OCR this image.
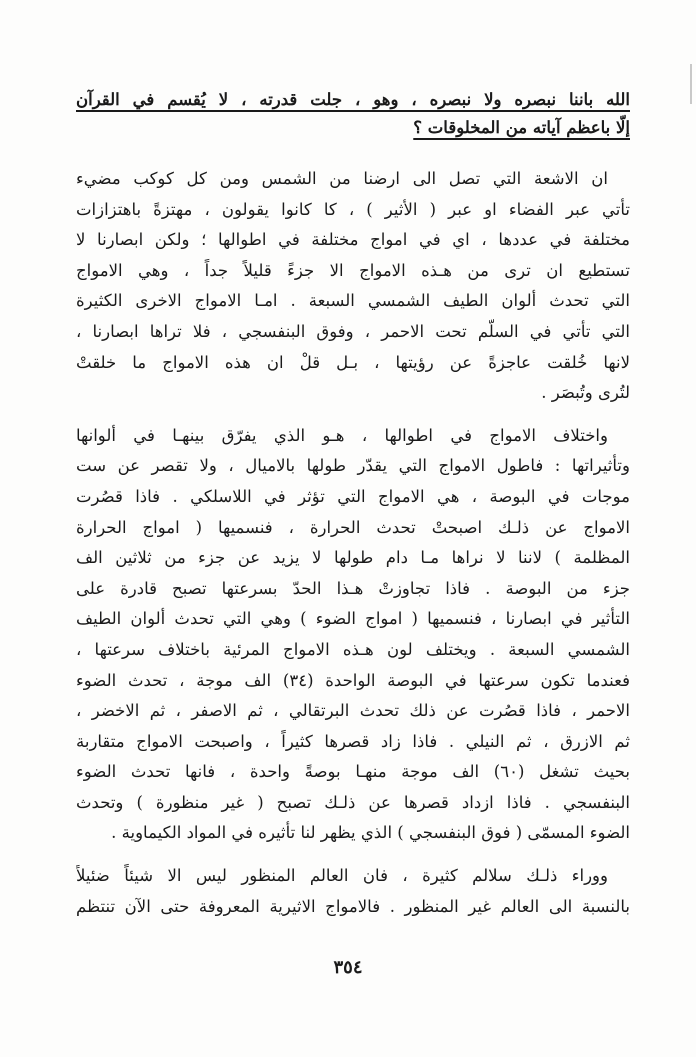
الله باننا نبصره ولا نبصره ، وهو ، جلت قدرته ، لا يُقسم في القرآن
إلّا باعظم آياته من المخلوقات ؟
ان الاشعة التي تصل الى ارضنا من الشمس ومن كل كوكب مضيء
تأتي عبر الفضاء او عبر ( الأثير ) ، كا كانوا يقولون ، مهتزةً باهتزازات
مختلفة في عددها ، اي في امواج مختلفة في اطوالها ؛ ولكن ابصارنا لا
تستطيع ان ترى من هـذه الامواج الا جزءً قليلاً جداً ، وهي الامواج
التي تحدث ألوان الطيف الشمسي السبعة . امـا الامواج الاخرى الكثيرة
التي تأتي في السلّم تحت الاحمر ، وفوق البنفسجي ، فلا تراها ابصارنا ،
لانها خُلقت عاجزةً عن رؤيتها ، بـل قلْ ان هذه الامواج ما خلقتْ
لتُرى وتُبصَر .
واختلاف الامواج في اطوالها ، هـو الذي يفرّق بينهـا في ألوانها
وتأثيراتها : فاطول الامواج التي يقدّر طولها بالاميال ، ولا تقصر عن ست
موجات في البوصة ، هي الامواج التي تؤثر في اللاسلكي . فاذا قصُرت
الامواج عن ذلـك اصبحتْ تحدث الحرارة ، فنسميها ( امواج الحرارة
المظلمة ) لاننا لا نراها مـا دام طولها لا يزيد عن جزء من ثلاثين الف
جزء من البوصة . فاذا تجاوزتْ هـذا الحدّ بسرعتها تصبح قادرة على
التأثير في ابصارنا ، فنسميها ( امواج الضوء ) وهي التي تحدث ألوان الطيف
الشمسي السبعة . ويختلف لون هـذه الامواج المرئية باختلاف سرعتها ،
فعندما تكون سرعتها في البوصة الواحدة (٣٤) الف موجة ، تحدث الضوء
الاحمر ، فاذا قصُرت عن ذلك تحدث البرتقالي ، ثم الاصفر ، ثم الاخضر ،
ثم الازرق ، ثم النيلي . فاذا زاد قصرها كثيراً ، واصبحت الامواج متقاربة
بحيث تشغل (٦٠) الف موجة منهـا بوصةً واحدة ، فانها تحدث الضوء
البنفسجي . فاذا ازداد قصرها عن ذلـك تصبح ( غير منظورة ) وتحدث
الضوء المسمّى ( فوق البنفسجي ) الذي يظهر لنا تأثيره في المواد الكيماوية .
ووراء ذلـك سلالم كثيرة ، فان العالم المنظور ليس الا شيئاً ضئيلاً
بالنسبة الى العالم غير المنظور . فالامواج الاثيرية المعروفة حتى الآن تنتظم
٣٥٤
